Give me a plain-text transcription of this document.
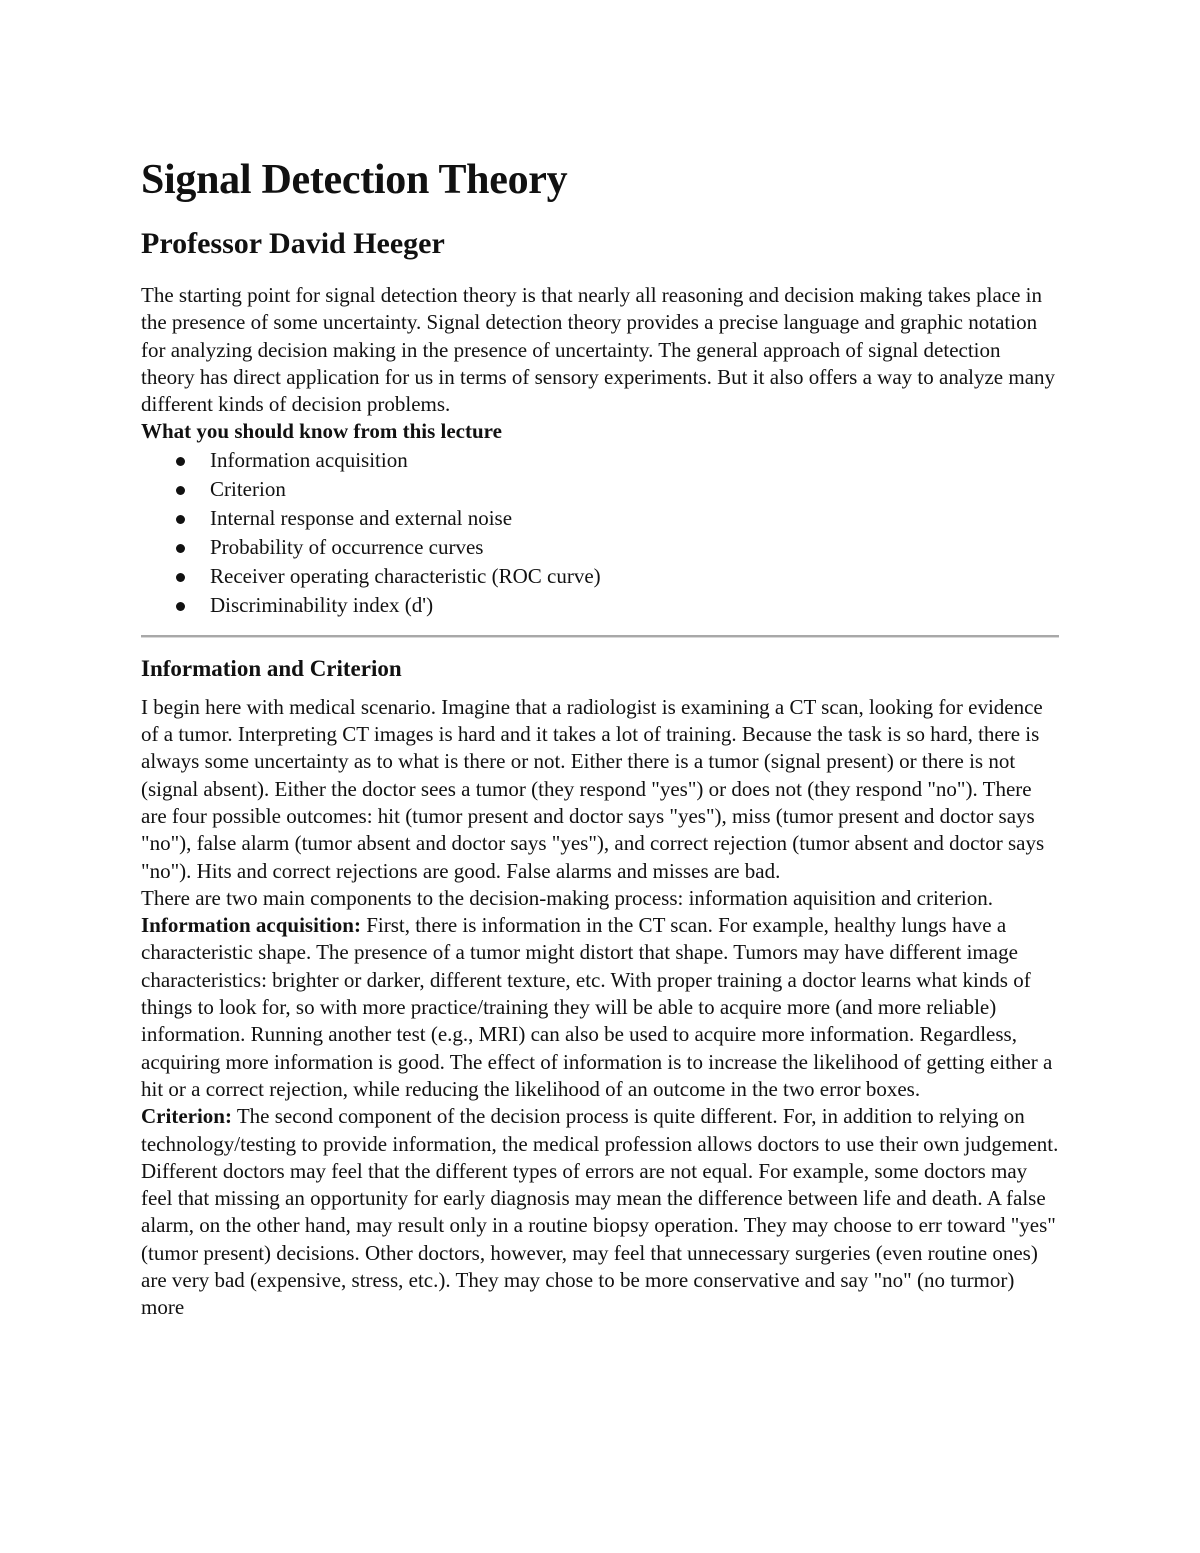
Signal Detection Theory
Professor David Heeger

The starting point for signal detection theory is that nearly all reasoning and decision making takes place in the presence of some uncertainty. Signal detection theory provides a precise language and graphic notation for analyzing decision making in the presence of uncertainty. The general approach of signal detection theory has direct application for us in terms of sensory experiments. But it also offers a way to analyze many different kinds of decision problems.

What you should know from this lecture

Information acquisition
Criterion
Internal response and external noise
Probability of occurrence curves
Receiver operating characteristic (ROC curve)
Discriminability index (d')
Information and Criterion

I begin here with medical scenario. Imagine that a radiologist is examining a CT scan, looking for evidence of a tumor. Interpreting CT images is hard and it takes a lot of training. Because the task is so hard, there is always some uncertainty as to what is there or not. Either there is a tumor (signal present) or there is not (signal absent). Either the doctor sees a tumor (they respond "yes") or does not (they respond "no"). There are four possible outcomes: hit (tumor present and doctor says "yes"), miss (tumor present and doctor says "no"), false alarm (tumor absent and doctor says "yes"), and correct rejection (tumor absent and doctor says "no"). Hits and correct rejections are good. False alarms and misses are bad.

There are two main components to the decision-making process: information aquisition and criterion.

Information acquisition: First, there is information in the CT scan. For example, healthy lungs have a characteristic shape. The presence of a tumor might distort that shape. Tumors may have different image characteristics: brighter or darker, different texture, etc. With proper training a doctor learns what kinds of things to look for, so with more practice/training they will be able to acquire more (and more reliable) information. Running another test (e.g., MRI) can also be used to acquire more information. Regardless, acquiring more information is good. The effect of information is to increase the likelihood of getting either a hit or a correct rejection, while reducing the likelihood of an outcome in the two error boxes.

Criterion: The second component of the decision process is quite different. For, in addition to relying on technology/testing to provide information, the medical profession allows doctors to use their own judgement. Different doctors may feel that the different types of errors are not equal. For example, some doctors may feel that missing an opportunity for early diagnosis may mean the difference between life and death. A false alarm, on the other hand, may result only in a routine biopsy operation. They may choose to err toward "yes" (tumor present) decisions. Other doctors, however, may feel that unnecessary surgeries (even routine ones) are very bad (expensive, stress, etc.). They may chose to be more conservative and say "no" (no turmor) more
